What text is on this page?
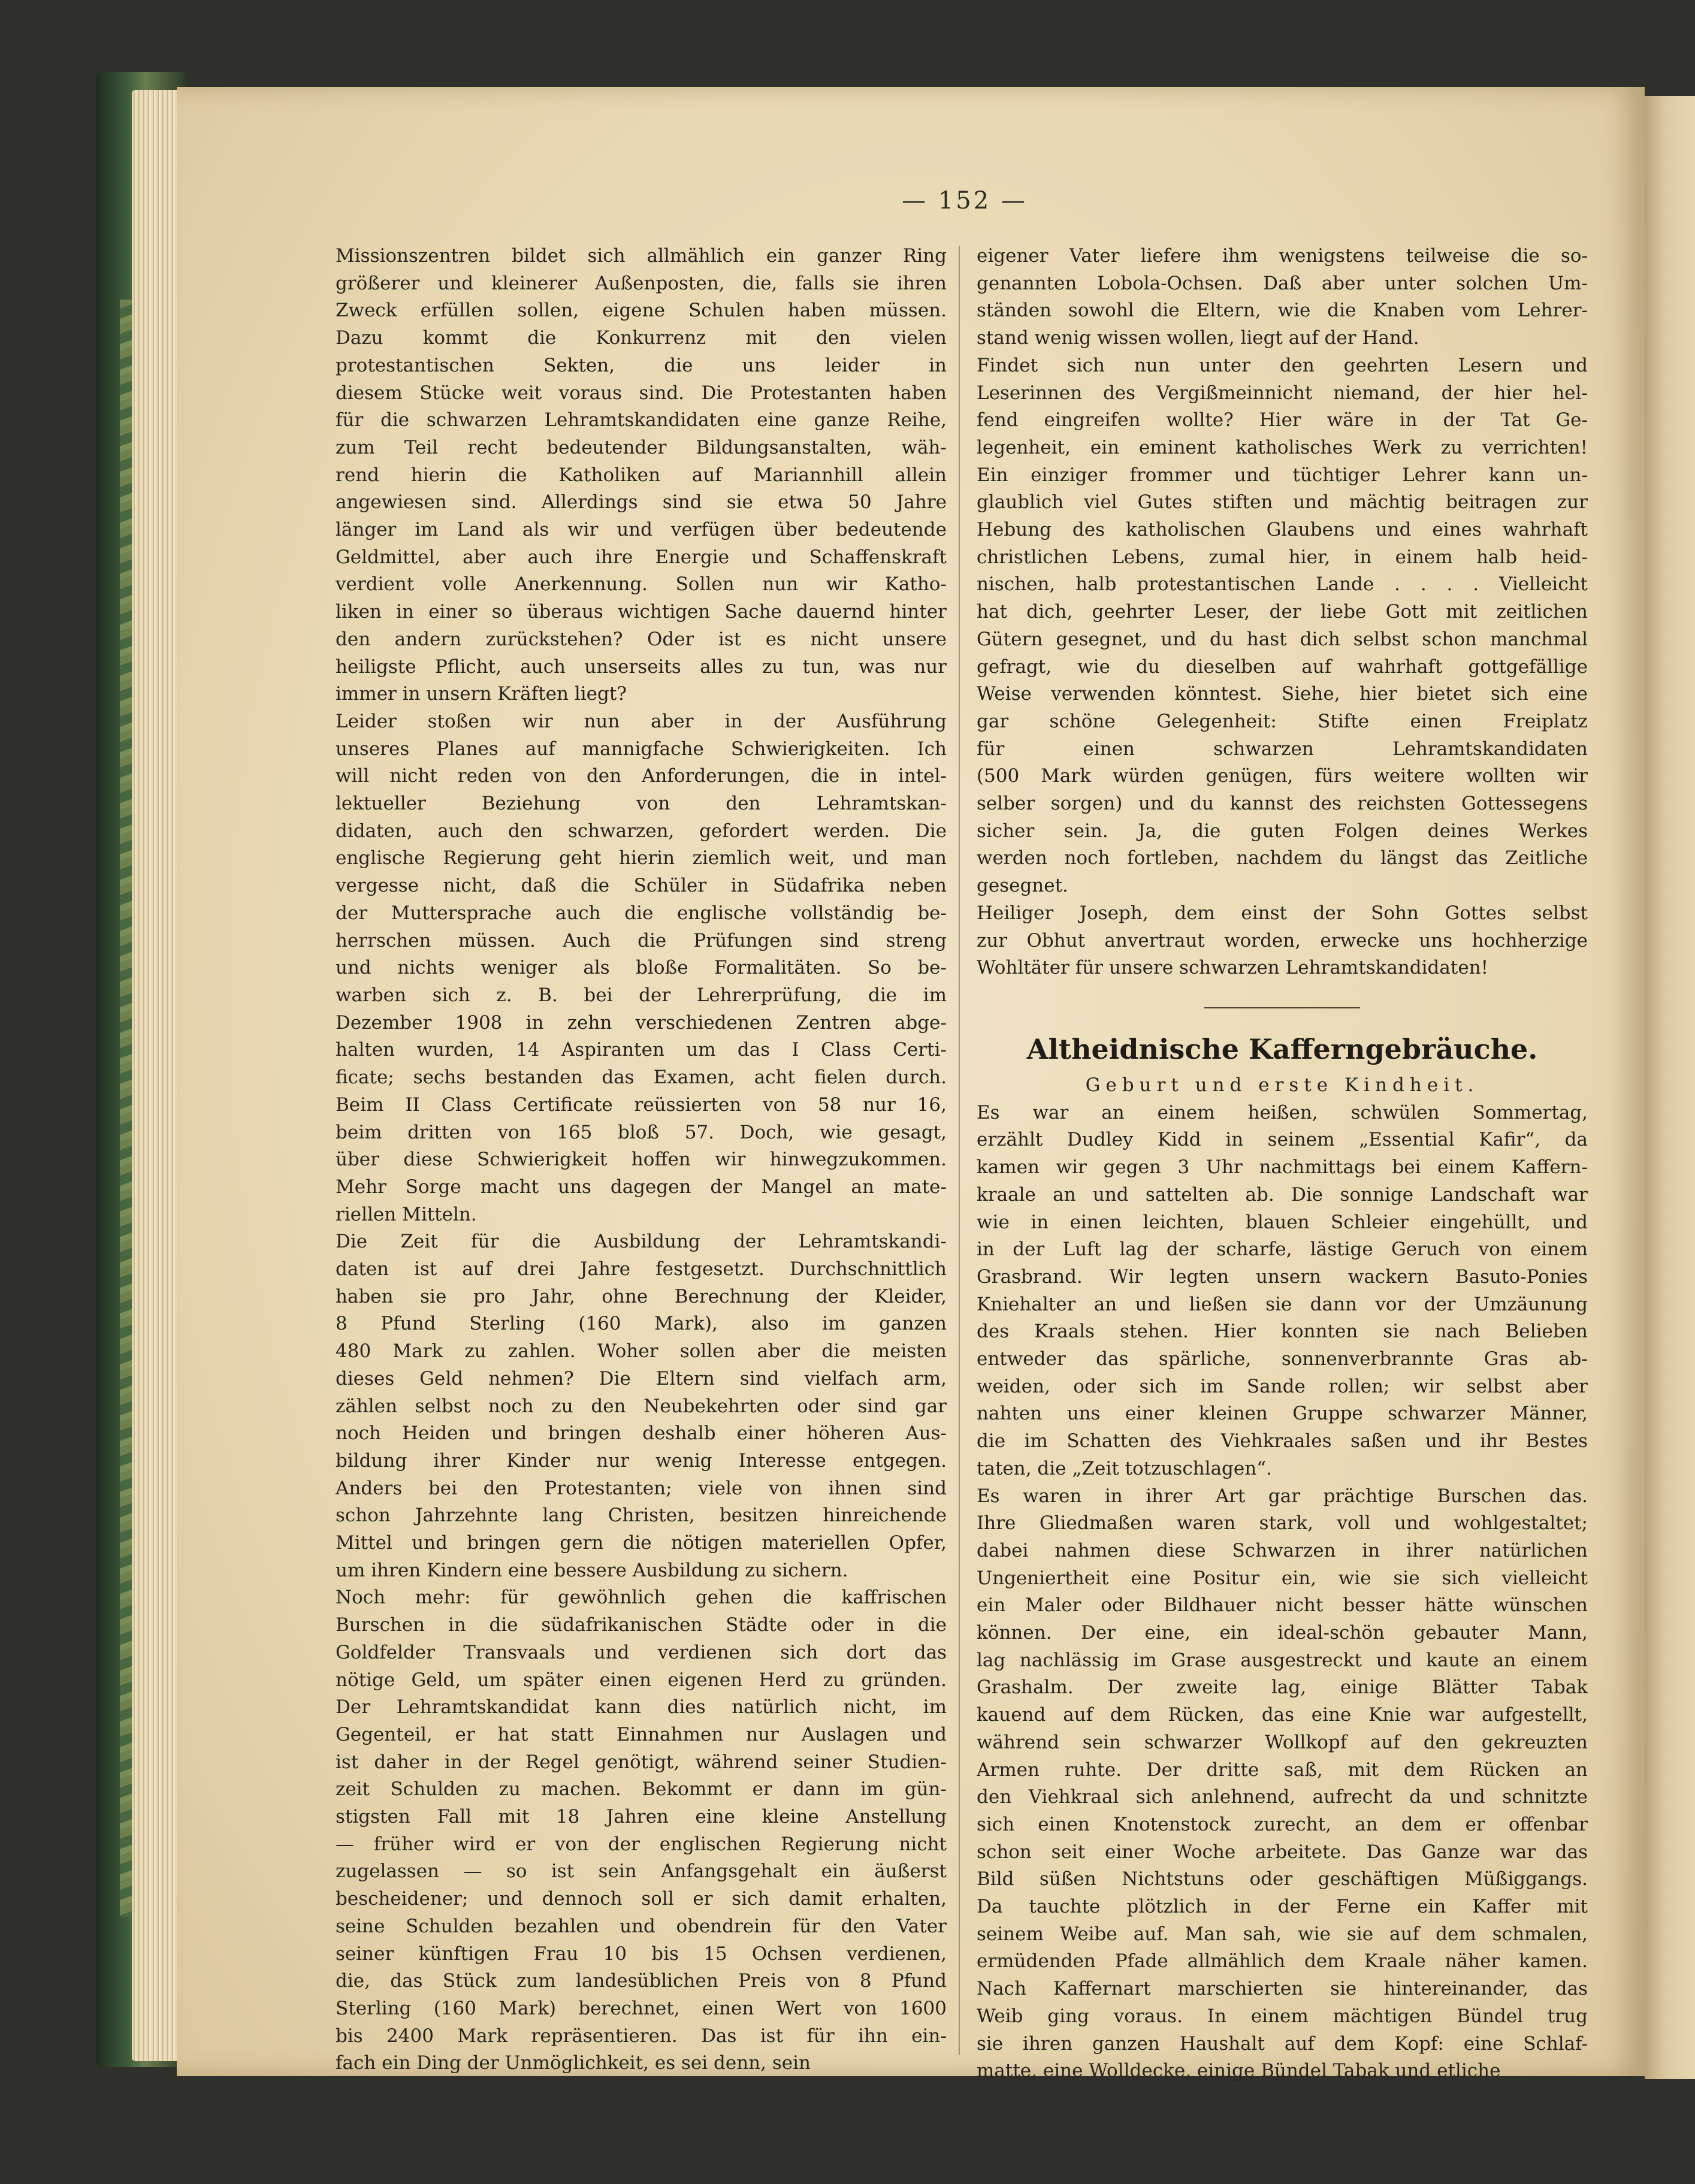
— 152 —
Missionszentren bildet sich allmählich ein ganzer Ring
größerer und kleinerer Außenposten, die, falls sie ihren
Zweck erfüllen sollen, eigene Schulen haben müssen.
Dazu kommt die Konkurrenz mit den vielen
protestantischen Sekten, die uns leider in
diesem Stücke weit voraus sind. Die Protestanten haben
für die schwarzen Lehramtskandidaten eine ganze Reihe,
zum Teil recht bedeutender Bildungsanstalten, wäh-
rend hierin die Katholiken auf Mariannhill allein
angewiesen sind. Allerdings sind sie etwa 50 Jahre
länger im Land als wir und verfügen über bedeutende
Geldmittel, aber auch ihre Energie und Schaffenskraft
verdient volle Anerkennung. Sollen nun wir Katho-
liken in einer so überaus wichtigen Sache dauernd hinter
den andern zurückstehen? Oder ist es nicht unsere
heiligste Pflicht, auch unserseits alles zu tun, was nur
immer in unsern Kräften liegt?
Leider stoßen wir nun aber in der Ausführung
unseres Planes auf mannigfache Schwierigkeiten. Ich
will nicht reden von den Anforderungen, die in intel-
lektueller Beziehung von den Lehramtskan-
didaten, auch den schwarzen, gefordert werden. Die
englische Regierung geht hierin ziemlich weit, und man
vergesse nicht, daß die Schüler in Südafrika neben
der Muttersprache auch die englische vollständig be-
herrschen müssen. Auch die Prüfungen sind streng
und nichts weniger als bloße Formalitäten. So be-
warben sich z. B. bei der Lehrerprüfung, die im
Dezember 1908 in zehn verschiedenen Zentren abge-
halten wurden, 14 Aspiranten um das I Class Certi-
ficate; sechs bestanden das Examen, acht fielen durch.
Beim II Class Certificate reüssierten von 58 nur 16,
beim dritten von 165 bloß 57. Doch, wie gesagt,
über diese Schwierigkeit hoffen wir hinwegzukommen.
Mehr Sorge macht uns dagegen der Mangel an mate-
riellen Mitteln.
Die Zeit für die Ausbildung der Lehramtskandi-
daten ist auf drei Jahre festgesetzt. Durchschnittlich
haben sie pro Jahr, ohne Berechnung der Kleider,
8 Pfund Sterling (160 Mark), also im ganzen
480 Mark zu zahlen. Woher sollen aber die meisten
dieses Geld nehmen? Die Eltern sind vielfach arm,
zählen selbst noch zu den Neubekehrten oder sind gar
noch Heiden und bringen deshalb einer höheren Aus-
bildung ihrer Kinder nur wenig Interesse entgegen.
Anders bei den Protestanten; viele von ihnen sind
schon Jahrzehnte lang Christen, besitzen hinreichende
Mittel und bringen gern die nötigen materiellen Opfer,
um ihren Kindern eine bessere Ausbildung zu sichern.
Noch mehr: für gewöhnlich gehen die kaffrischen
Burschen in die südafrikanischen Städte oder in die
Goldfelder Transvaals und verdienen sich dort das
nötige Geld, um später einen eigenen Herd zu gründen.
Der Lehramtskandidat kann dies natürlich nicht, im
Gegenteil, er hat statt Einnahmen nur Auslagen und
ist daher in der Regel genötigt, während seiner Studien-
zeit Schulden zu machen. Bekommt er dann im gün-
stigsten Fall mit 18 Jahren eine kleine Anstellung
— früher wird er von der englischen Regierung nicht
zugelassen — so ist sein Anfangsgehalt ein äußerst
bescheidener; und dennoch soll er sich damit erhalten,
seine Schulden bezahlen und obendrein für den Vater
seiner künftigen Frau 10 bis 15 Ochsen verdienen,
die, das Stück zum landesüblichen Preis von 8 Pfund
Sterling (160 Mark) berechnet, einen Wert von 1600
bis 2400 Mark repräsentieren. Das ist für ihn ein-
fach ein Ding der Unmöglichkeit, es sei denn, sein
eigener Vater liefere ihm wenigstens teilweise die so-
genannten Lobola-Ochsen. Daß aber unter solchen Um-
ständen sowohl die Eltern, wie die Knaben vom Lehrer-
stand wenig wissen wollen, liegt auf der Hand.
Findet sich nun unter den geehrten Lesern und
Leserinnen des Vergißmeinnicht niemand, der hier hel-
fend eingreifen wollte? Hier wäre in der Tat Ge-
legenheit, ein eminent katholisches Werk zu verrichten!
Ein einziger frommer und tüchtiger Lehrer kann un-
glaublich viel Gutes stiften und mächtig beitragen zur
Hebung des katholischen Glaubens und eines wahrhaft
christlichen Lebens, zumal hier, in einem halb heid-
nischen, halb protestantischen Lande . . . . Vielleicht
hat dich, geehrter Leser, der liebe Gott mit zeitlichen
Gütern gesegnet, und du hast dich selbst schon manchmal
gefragt, wie du dieselben auf wahrhaft gottgefällige
Weise verwenden könntest. Siehe, hier bietet sich eine
gar schöne Gelegenheit: Stifte einen Freiplatz
für einen schwarzen Lehramtskandidaten
(500 Mark würden genügen, fürs weitere wollten wir
selber sorgen) und du kannst des reichsten Gottessegens
sicher sein. Ja, die guten Folgen deines Werkes
werden noch fortleben, nachdem du längst das Zeitliche
gesegnet.
Heiliger Joseph, dem einst der Sohn Gottes selbst
zur Obhut anvertraut worden, erwecke uns hochherzige
Wohltäter für unsere schwarzen Lehramtskandidaten!
Altheidnische Kafferngebräuche.
Geburt und erste Kindheit.
Es war an einem heißen, schwülen Sommertag,
erzählt Dudley Kidd in seinem „Essential Kafir“, da
kamen wir gegen 3 Uhr nachmittags bei einem Kaffern-
kraale an und sattelten ab. Die sonnige Landschaft war
wie in einen leichten, blauen Schleier eingehüllt, und
in der Luft lag der scharfe, lästige Geruch von einem
Grasbrand. Wir legten unsern wackern Basuto-Ponies
Kniehalter an und ließen sie dann vor der Umzäunung
des Kraals stehen. Hier konnten sie nach Belieben
entweder das spärliche, sonnenverbrannte Gras ab-
weiden, oder sich im Sande rollen; wir selbst aber
nahten uns einer kleinen Gruppe schwarzer Männer,
die im Schatten des Viehkraales saßen und ihr Bestes
taten, die „Zeit totzuschlagen“.
Es waren in ihrer Art gar prächtige Burschen das.
Ihre Gliedmaßen waren stark, voll und wohlgestaltet;
dabei nahmen diese Schwarzen in ihrer natürlichen
Ungeniertheit eine Positur ein, wie sie sich vielleicht
ein Maler oder Bildhauer nicht besser hätte wünschen
können. Der eine, ein ideal-schön gebauter Mann,
lag nachlässig im Grase ausgestreckt und kaute an einem
Grashalm. Der zweite lag, einige Blätter Tabak
kauend auf dem Rücken, das eine Knie war aufgestellt,
während sein schwarzer Wollkopf auf den gekreuzten
Armen ruhte. Der dritte saß, mit dem Rücken an
den Viehkraal sich anlehnend, aufrecht da und schnitzte
sich einen Knotenstock zurecht, an dem er offenbar
schon seit einer Woche arbeitete. Das Ganze war das
Bild süßen Nichtstuns oder geschäftigen Müßiggangs.
Da tauchte plötzlich in der Ferne ein Kaffer mit
seinem Weibe auf. Man sah, wie sie auf dem schmalen,
ermüdenden Pfade allmählich dem Kraale näher kamen.
Nach Kaffernart marschierten sie hintereinander, das
Weib ging voraus. In einem mächtigen Bündel trug
sie ihren ganzen Haushalt auf dem Kopf: eine Schlaf-
matte, eine Wolldecke, einige Bündel Tabak und etliche
